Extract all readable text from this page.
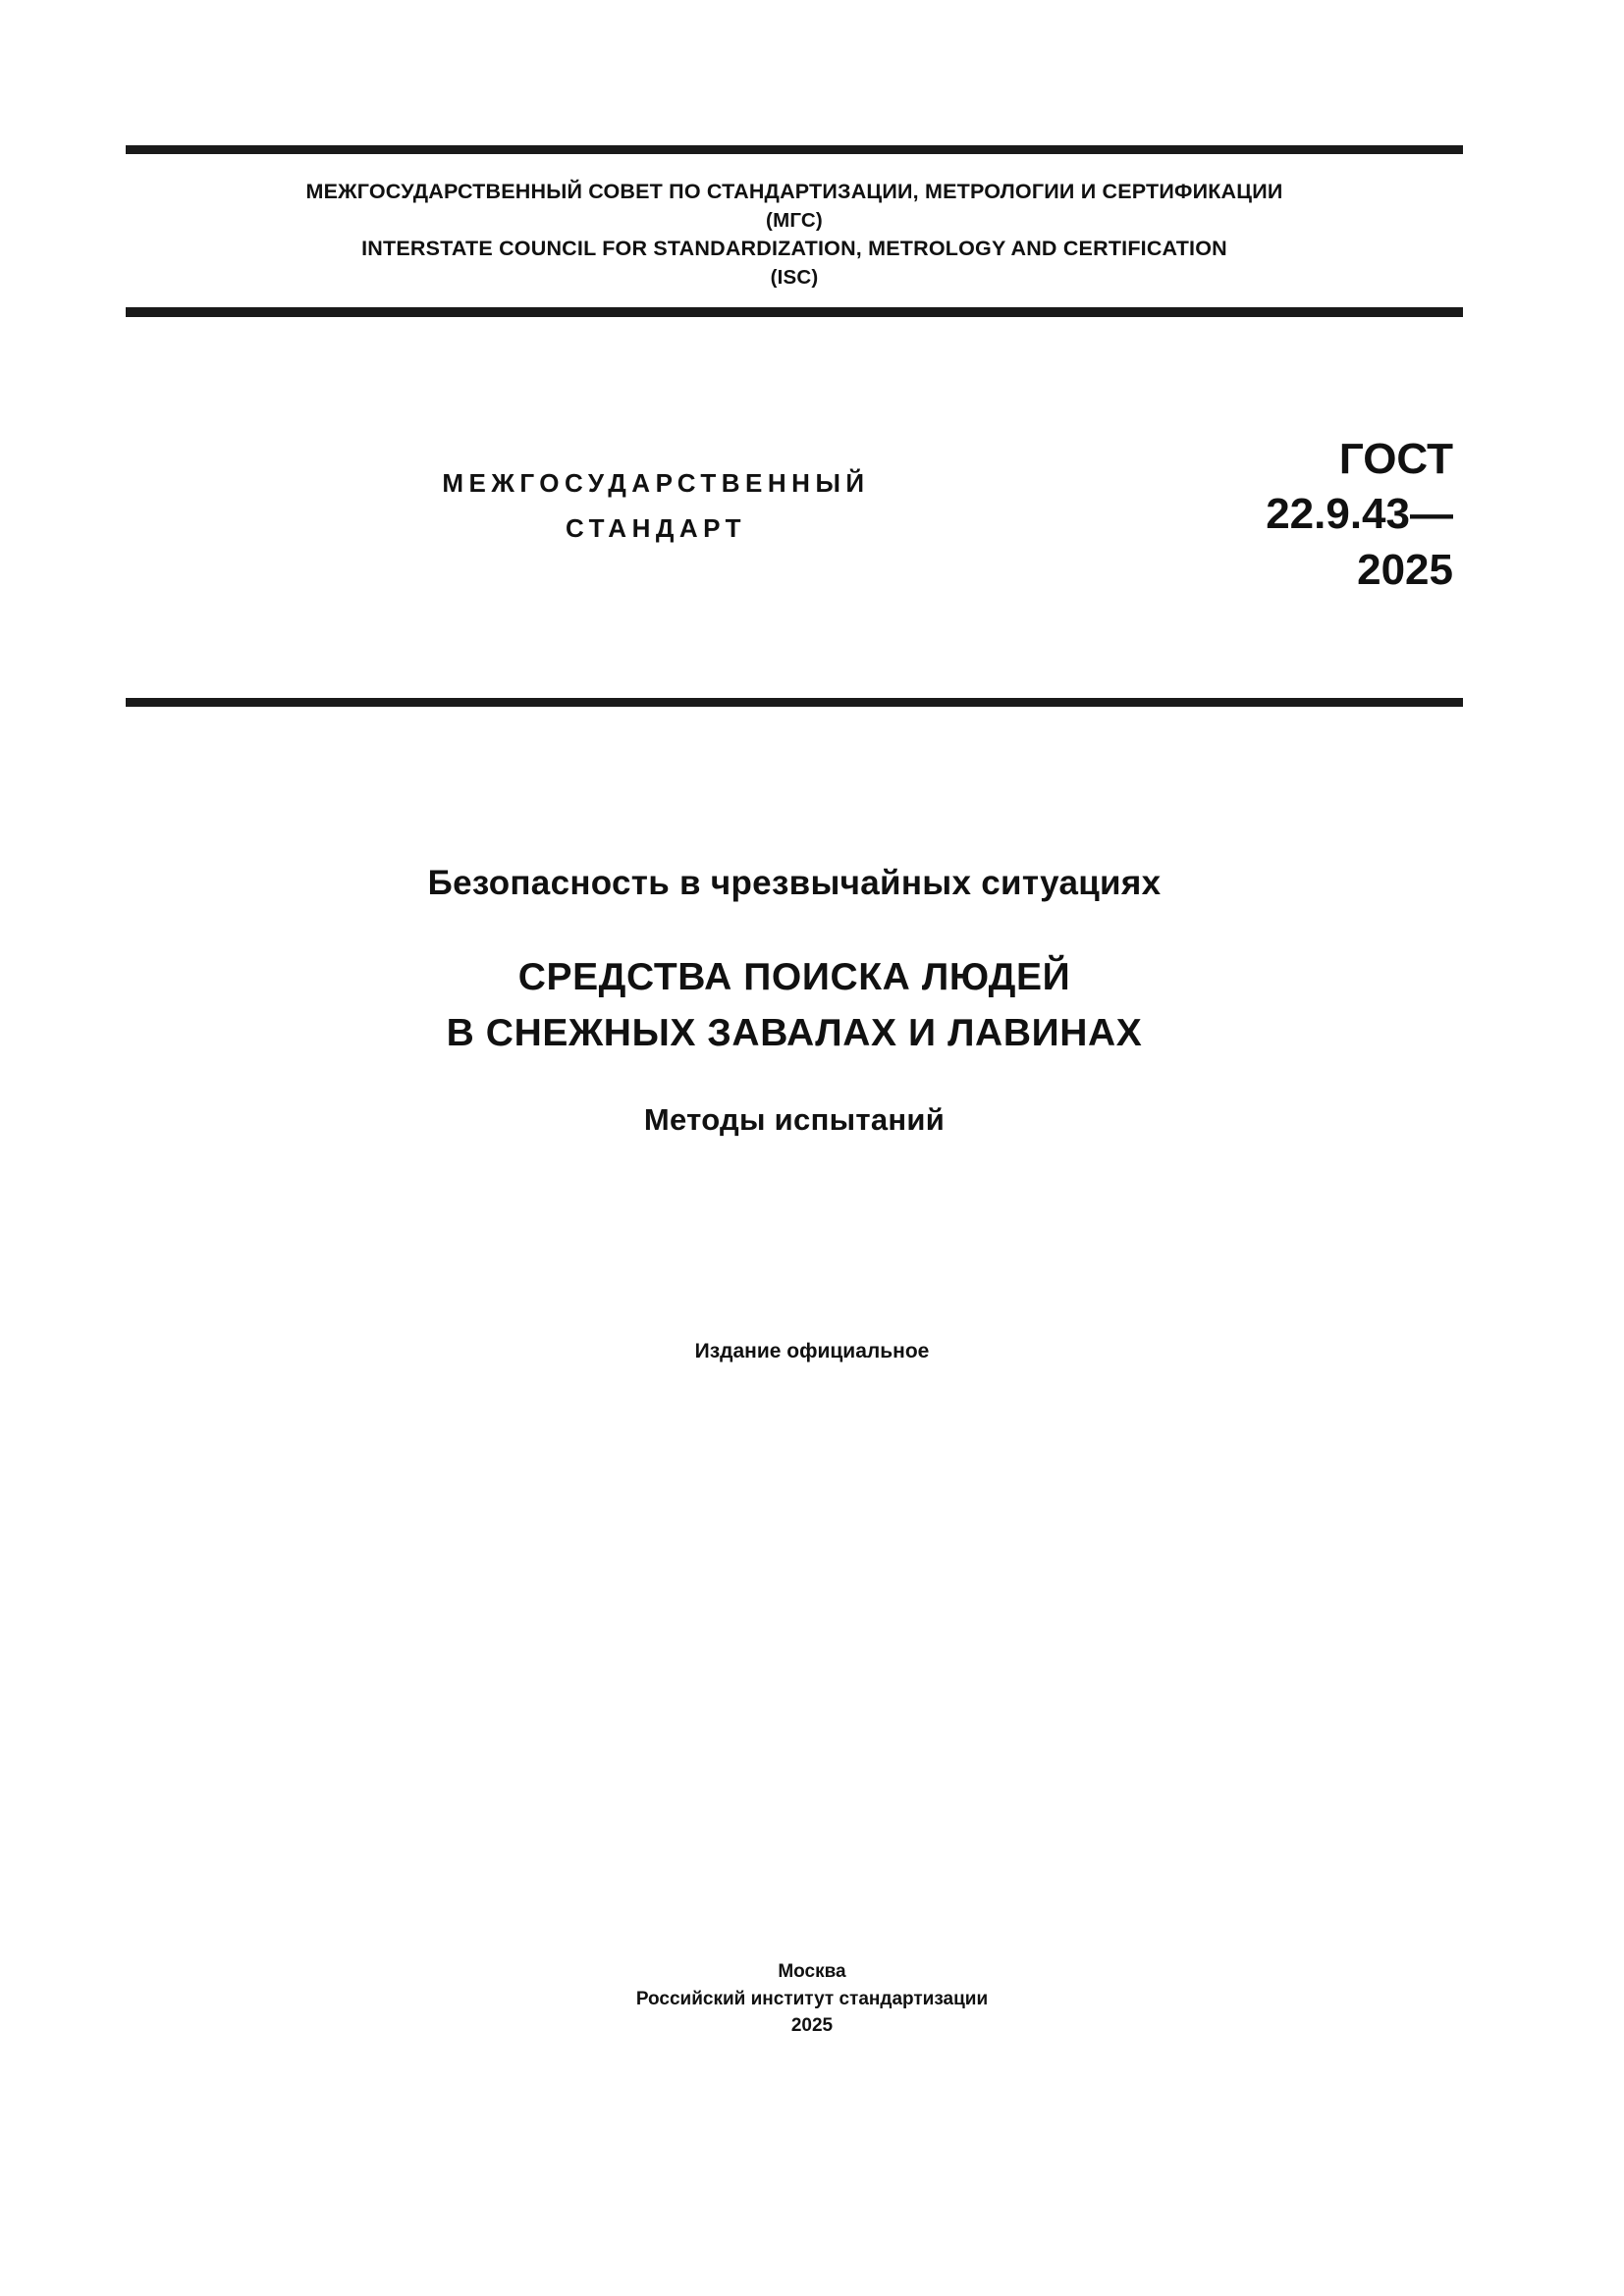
МЕЖГОСУДАРСТВЕННЫЙ СОВЕТ ПО СТАНДАРТИЗАЦИИ, МЕТРОЛОГИИ И СЕРТИФИКАЦИИ
(МГС)
INTERSTATE COUNCIL FOR STANDARDIZATION, METROLOGY AND CERTIFICATION
(ISC)
МЕЖГОСУДАРСТВЕННЫЙ
СТАНДАРТ
ГОСТ
22.9.43—
2025
Безопасность в чрезвычайных ситуациях
СРЕДСТВА ПОИСКА ЛЮДЕЙ
В СНЕЖНЫХ ЗАВАЛАХ И ЛАВИНАХ
Методы испытаний
Издание официальное
Москва
Российский институт стандартизации
2025
